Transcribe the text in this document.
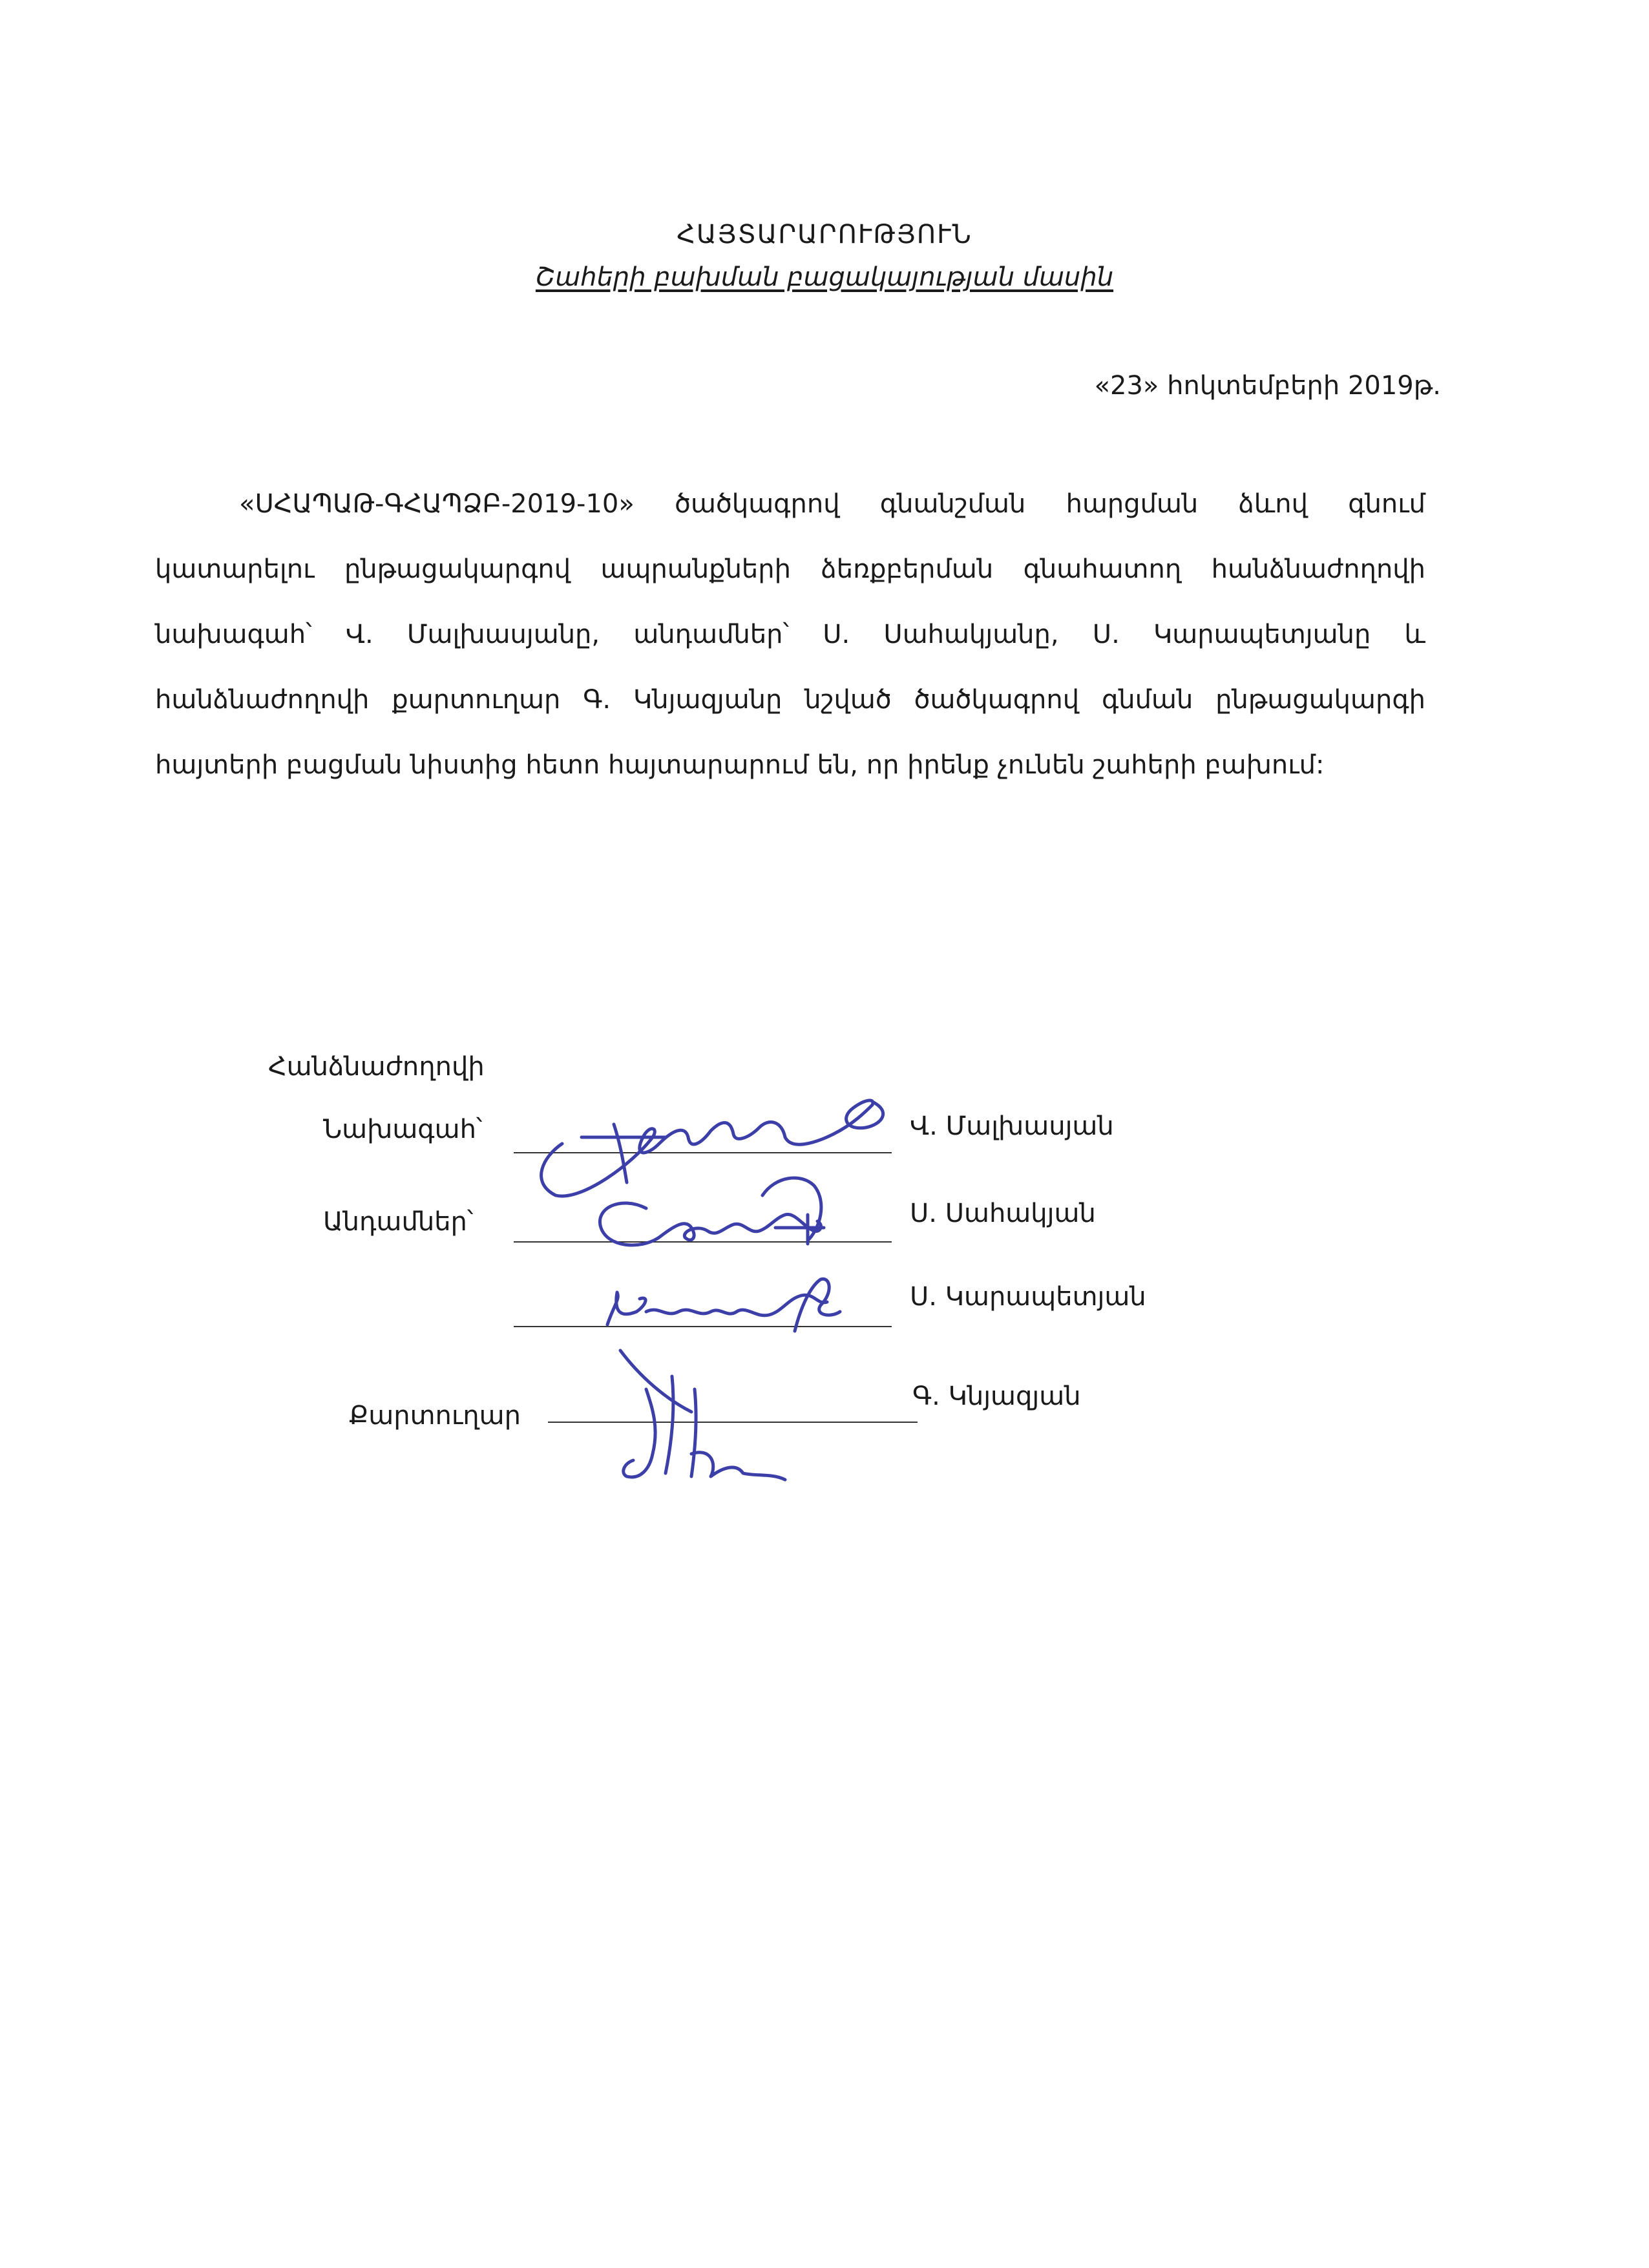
ՀԱՅՏԱՐԱՐՈՒԹՅՈՒՆ
Շահերի բախման բացակայության մասին
«23» հոկտեմբերի 2019թ.
«ՍՀԱՊԱԹ-ԳՀԱՊՁԲ-2019-10» ծածկագրով գնանշման հարցման ձևով գնում կատարելու ընթացակարգով ապրանքների ձեռքբերման գնահատող հանձնաժողովի նախագահ՝ Վ. Մալխասյանը, անդամներ՝ Ս. Սահակյանը, Ս. Կարապետյանը և հանձնաժողովի քարտուղար Գ. Կնյազյանը նշված ծածկագրով գնման ընթացակարգի հայտերի բացման նիստից հետո հայտարարում են, որ իրենք չունեն շահերի բախում:
Հանձնաժողովի
Նախագահ՝	Վ. Մալխասյան
Անդամներ՝	Ս. Սահակյան
Ս. Կարապետյան
Քարտուղար
Գ. Կնյազյան
